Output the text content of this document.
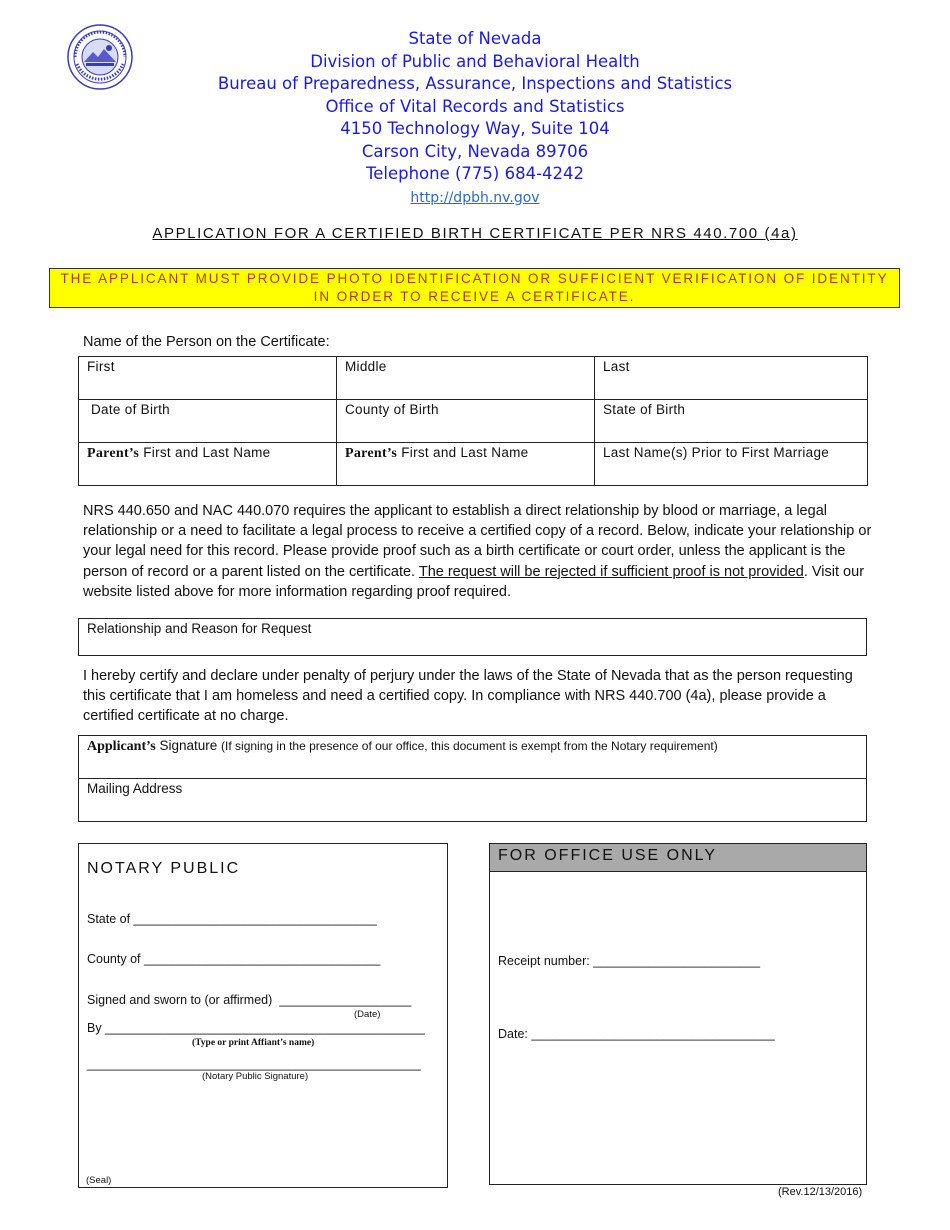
State of Nevada
Division of Public and Behavioral Health
Bureau of Preparedness, Assurance, Inspections and Statistics
Office of Vital Records and Statistics
4150 Technology Way, Suite 104
Carson City, Nevada 89706
Telephone (775) 684-4242
http://dpbh.nv.gov
APPLICATION FOR A CERTIFIED BIRTH CERTIFICATE PER NRS 440.700 (4a)
THE APPLICANT MUST PROVIDE PHOTO IDENTIFICATION OR SUFFICIENT VERIFICATION OF IDENTITY IN ORDER TO RECEIVE A CERTIFICATE.
Name of the Person on the Certificate:
First	Middle	Last
Date of Birth	County of Birth	State of Birth
Parent’s First and Last Name	Parent’s First and Last Name	Last Name(s) Prior to First Marriage
NRS 440.650 and NAC 440.070 requires the applicant to establish a direct relationship by blood or marriage, a legal relationship or a need to facilitate a legal process to receive a certified copy of a record. Below, indicate your relationship or your legal need for this record. Please provide proof such as a birth certificate or court order, unless the applicant is the person of record or a parent listed on the certificate. The request will be rejected if sufficient proof is not provided. Visit our website listed above for more information regarding proof required.
Relationship and Reason for Request
I hereby certify and declare under penalty of perjury under the laws of the State of Nevada that as the person requesting this certificate that I am homeless and need a certified copy. In compliance with NRS 440.700 (4a), please provide a certified certificate at no charge.
Applicant’s Signature (If signing in the presence of our office, this document is exempt from the Notary requirement)
Mailing Address
NOTARY PUBLIC
State of ___________________________________
County of __________________________________
Signed and sworn to (or affirmed)  ___________________
(Date)
By ______________________________________________
(Type or print Affiant’s name)
________________________________________________
(Notary Public Signature)
(Seal)
FOR OFFICE USE ONLY
Receipt number: ________________________
Date: ___________________________________
(Rev.12/13/2016)
